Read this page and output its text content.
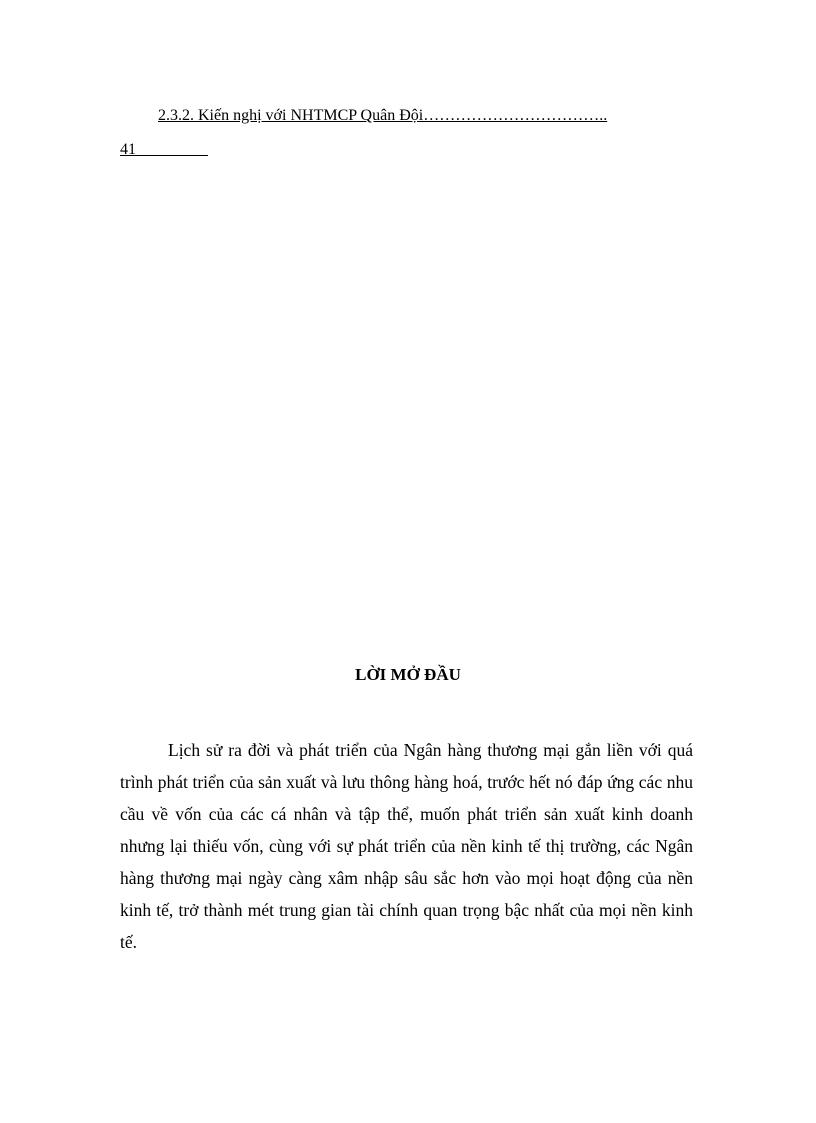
2.3.2. Kiến nghị với NHTMCP Quân Đội……………………………..
41
LỜI MỞ ĐẦU

Lịch sử ra đời và phát triển của Ngân hàng thương mại gắn liền với quá trình phát triển của sản xuất và lưu thông hàng hoá, trước hết nó đáp ứng các nhu cầu về vốn của các cá nhân và tập thể, muốn phát triển sản xuất kinh doanh nhưng lại thiếu vốn, cùng với sự phát triển của nền kinh tế thị trường, các Ngân hàng thương mại ngày càng xâm nhập sâu sắc hơn vào mọi hoạt động của nền kinh tế, trở thành mét trung gian tài chính quan trọng bậc nhất của mọi nền kinh tế.
